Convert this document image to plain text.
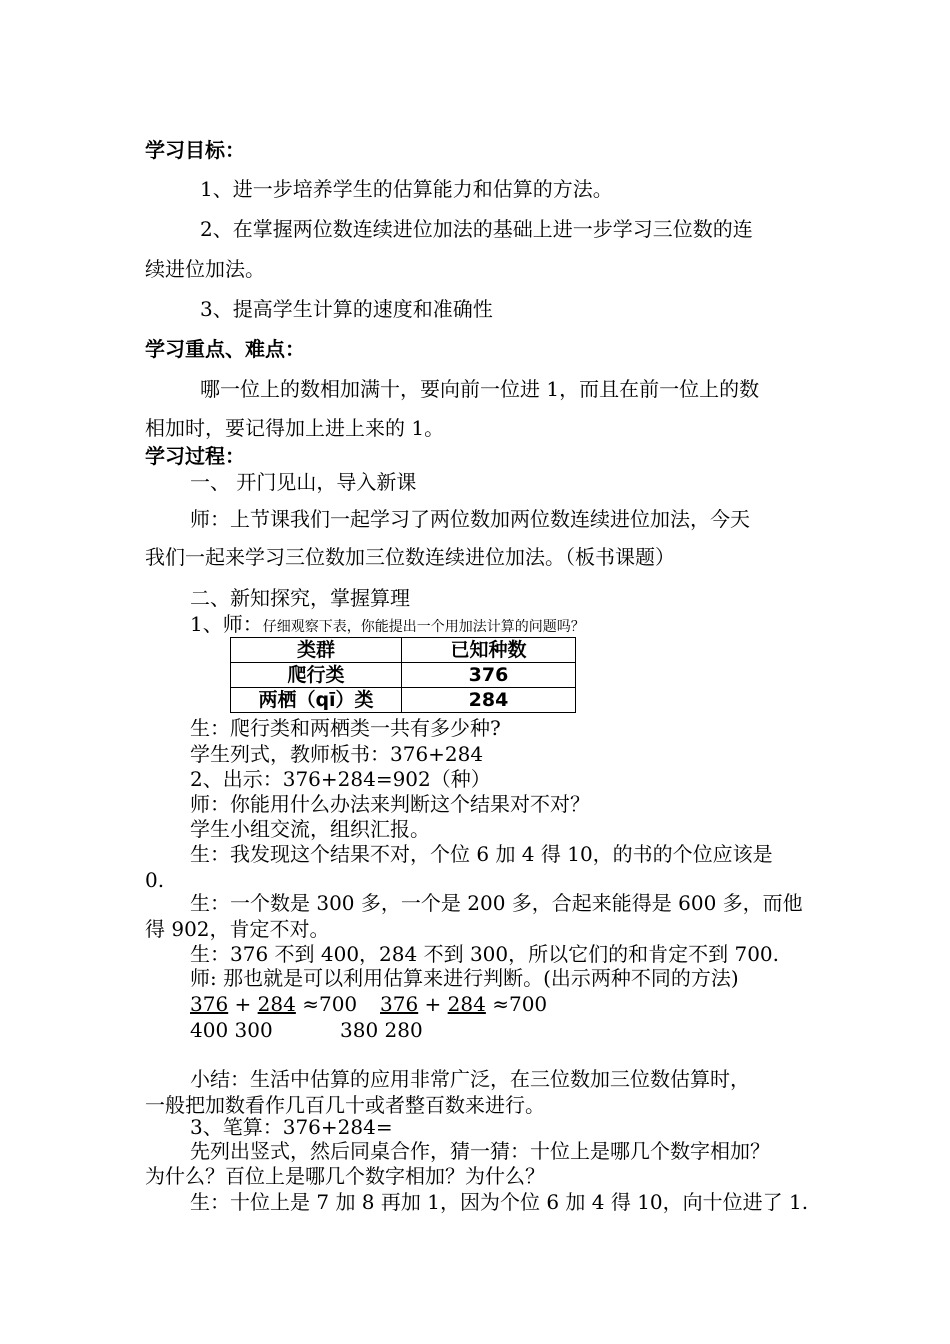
学习目标：
1、进一步培养学生的估算能力和估算的方法。
2、在掌握两位数连续进位加法的基础上进一步学习三位数的连
续进位加法。
3、提高学生计算的速度和准确性
学习重点、难点：
哪一位上的数相加满十，要向前一位进 1，而且在前一位上的数
相加时，要记得加上进上来的 1。
学习过程：
一、 开门见山，导入新课
师：上节课我们一起学习了两位数加两位数连续进位加法，今天
我们一起来学习三位数加三位数连续进位加法。（板书课题）
二、新知探究，掌握算理
1、师：仔细观察下表，你能提出一个用加法计算的问题吗？
类群	已知种数
爬行类	376
两栖（qī）类	284
生：爬行类和两栖类一共有多少种?
学生列式，教师板书：376+284
2、出示：376+284=902（种）
师：你能用什么办法来判断这个结果对不对？
学生小组交流，组织汇报。
生：我发现这个结果不对，个位 6 加 4 得 10，的书的个位应该是
0.
生：一个数是 300 多，一个是 200 多，合起来能得是 600 多，而他
得 902，肯定不对。
生：376 不到 400，284 不到 300，所以它们的和肯定不到 700.
师: 那也就是可以利用估算来进行判断。(出示两种不同的方法)
376 + 284 ≈700 376 + 284 ≈700
400 300	380 280
小结：生活中估算的应用非常广泛，在三位数加三位数估算时，
一般把加数看作几百几十或者整百数来进行。
3、笔算：376+284=
先列出竖式，然后同桌合作，猜一猜：十位上是哪几个数字相加？
为什么？百位上是哪几个数字相加？为什么？
生：十位上是 7 加 8 再加 1，因为个位 6 加 4 得 10，向十位进了 1.
